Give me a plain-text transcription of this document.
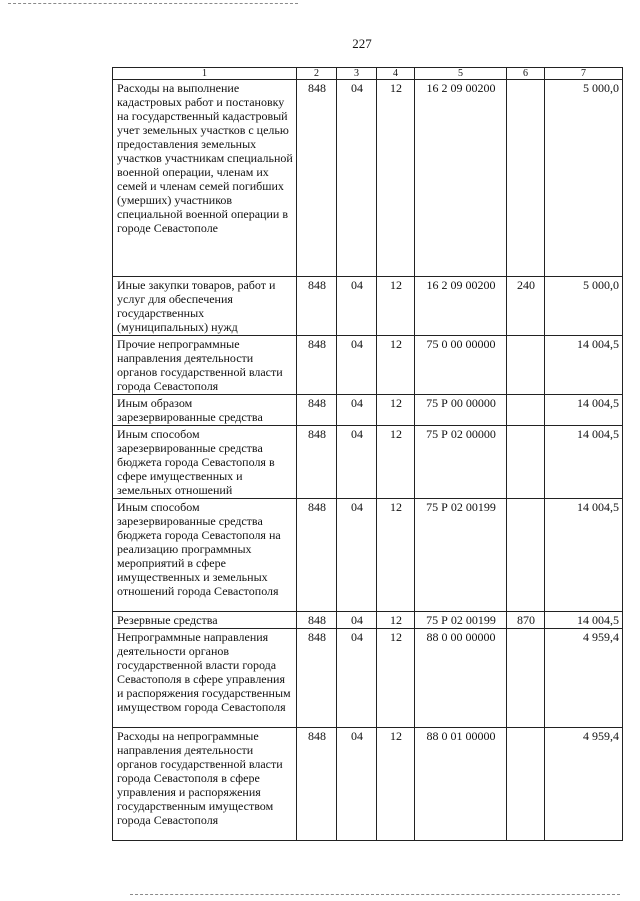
227
1	2	3	4	5	6	7
Расходы на выполнение кадастровых работ и постановку на государственный кадастровый учет земельных участков с целью предоставления земельных участков участникам специальной военной операции, членам их семей и членам семей погибших (умерших) участников специальной военной операции в городе Севастополе	848	04	12	16 2 09 00200		5 000,0
Иные закупки товаров, работ и услуг для обеспечения государственных (муниципальных) нужд	848	04	12	16 2 09 00200	240	5 000,0
Прочие непрограммные направления деятельности органов государственной власти города Севастополя	848	04	12	75 0 00 00000		14 004,5
Иным образом зарезервированные средства	848	04	12	75 Р 00 00000		14 004,5
Иным способом зарезервированные средства бюджета города Севастополя в сфере имущественных и земельных отношений	848	04	12	75 Р 02 00000		14 004,5
Иным способом зарезервированные средства бюджета города Севастополя на реализацию программных мероприятий в сфере имущественных и земельных отношений города Севастополя	848	04	12	75 Р 02 00199		14 004,5
Резервные средства	848	04	12	75 Р 02 00199	870	14 004,5
Непрограммные направления деятельности органов государственной власти города Севастополя в сфере управления и распоряжения государственным имуществом города Севастополя	848	04	12	88 0 00 00000		4 959,4
Расходы на непрограммные направления деятельности органов государственной власти города Севастополя в сфере управления и распоряжения государственным имуществом города Севастополя	848	04	12	88 0 01 00000		4 959,4
